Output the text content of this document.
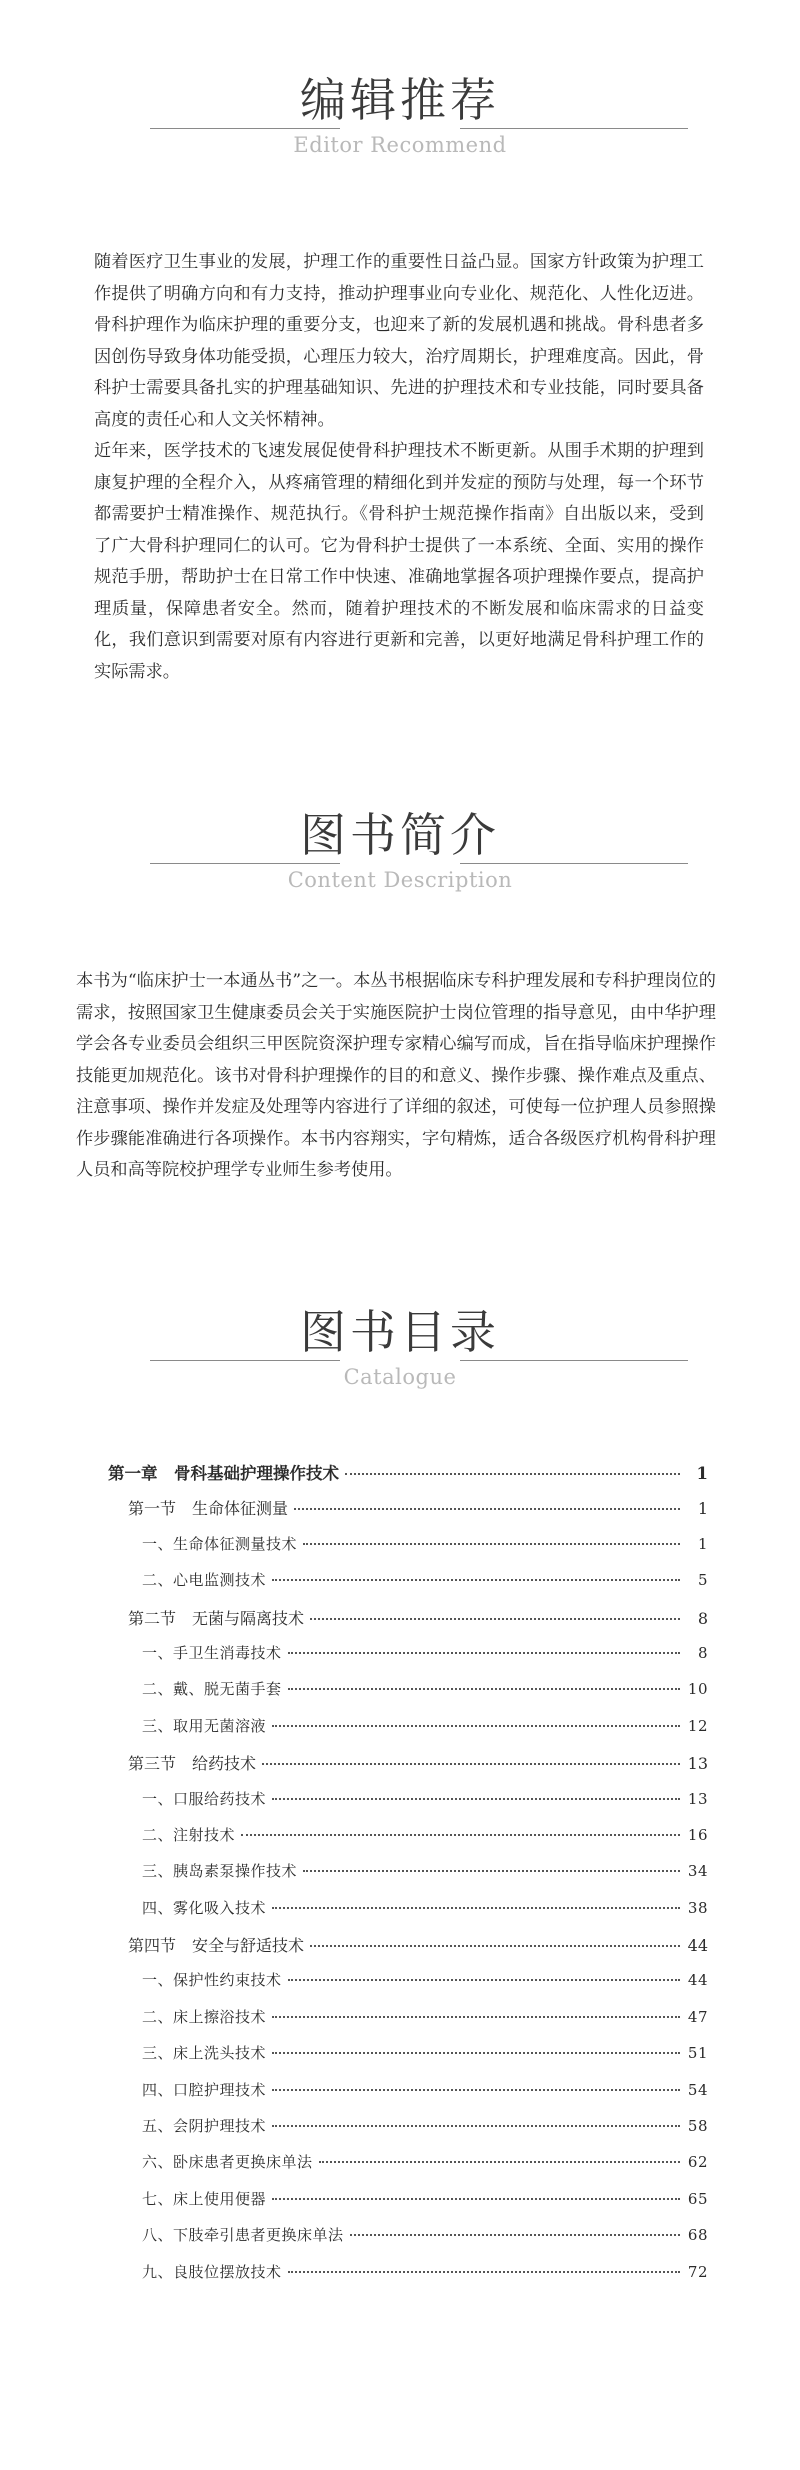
编辑推荐
Editor Recommend

随着医疗卫生事业的发展，护理工作的重要性日益凸显。国家方针政策为护理工作提供了明确方向和有力支持，推动护理事业向专业化、规范化、人性化迈进。骨科护理作为临床护理的重要分支，也迎来了新的发展机遇和挑战。骨科患者多因创伤导致身体功能受损，心理压力较大，治疗周期长，护理难度高。因此，骨科护士需要具备扎实的护理基础知识、先进的护理技术和专业技能，同时要具备高度的责任心和人文关怀精神。

近年来，医学技术的飞速发展促使骨科护理技术不断更新。从围手术期的护理到康复护理的全程介入，从疼痛管理的精细化到并发症的预防与处理，每一个环节都需要护士精准操作、规范执行。《骨科护士规范操作指南》自出版以来，受到了广大骨科护理同仁的认可。它为骨科护士提供了一本系统、全面、实用的操作规范手册，帮助护士在日常工作中快速、准确地掌握各项护理操作要点，提高护理质量，保障患者安全。然而，随着护理技术的不断发展和临床需求的日益变化，我们意识到需要对原有内容进行更新和完善，以更好地满足骨科护理工作的实际需求。

图书简介
Content Description

本书为“临床护士一本通丛书”之一。本丛书根据临床专科护理发展和专科护理岗位的需求，按照国家卫生健康委员会关于实施医院护士岗位管理的指导意见，由中华护理学会各专业委员会组织三甲医院资深护理专家精心编写而成，旨在指导临床护理操作技能更加规范化。该书对骨科护理操作的目的和意义、操作步骤、操作难点及重点、注意事项、操作并发症及处理等内容进行了详细的叙述，可使每一位护理人员参照操作步骤能准确进行各项操作。本书内容翔实，字句精炼，适合各级医疗机构骨科护理人员和高等院校护理学专业师生参考使用。

图书目录
Catalogue
第一章　骨科基础护理操作技术	1
第一节　生命体征测量	1
一、生命体征测量技术	1
二、心电监测技术	5
第二节　无菌与隔离技术	8
一、手卫生消毒技术	8
二、戴、脱无菌手套	10
三、取用无菌溶液	12
第三节　给药技术	13
一、口服给药技术	13
二、注射技术	16
三、胰岛素泵操作技术	34
四、雾化吸入技术	38
第四节　安全与舒适技术	44
一、保护性约束技术	44
二、床上擦浴技术	47
三、床上洗头技术	51
四、口腔护理技术	54
五、会阴护理技术	58
六、卧床患者更换床单法	62
七、床上使用便器	65
八、下肢牵引患者更换床单法	68
九、良肢位摆放技术	72
